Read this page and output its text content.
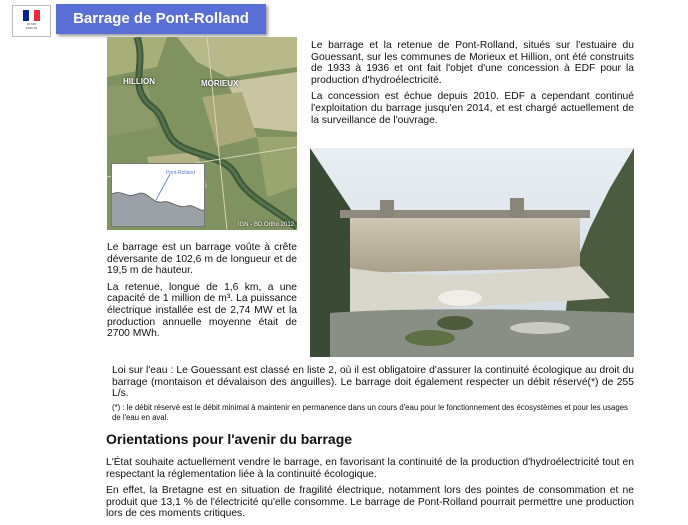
≡≡ ≡≡≡
≡≡≡≡ ≡≡
Barrage de Pont-Rolland
HILLION	MORIEUX
Pont-Rolland
IGN - BD Ortho 2012

Le barrage et la retenue de Pont-Rolland, situés sur l'estuaire du Gouessant, sur les communes de Morieux et Hillion, ont été construits de 1933 à 1936 et ont fait l'objet d'une concession à EDF pour la production d'hydroélectricité.

La concession est échue depuis 2010. EDF a cependant continué l'exploitation du barrage jusqu'en 2014, et est chargé actuellement de la surveillance de l'ouvrage.

Le barrage est un barrage voûte à crête déversante de 102,6 m de longueur et de 19,5 m de hauteur.

La retenue, longue de 1,6 km, a une capacité de 1 million de m³. La puissance électrique installée est de 2,74 MW et la production annuelle moyenne était de 2700 MWh.

Loi sur l'eau : Le Gouessant est classé en liste 2, où il est obligatoire d'assurer la continuité écologique au droit du barrage (montaison et dévalaison des anguilles). Le barrage doit également respecter un débit réservé(*) de 255 L/s.
(*) : le débit réservé est le débit minimal à maintenir en permanence dans un cours d'eau pour le fonctionnement des écosystèmes et pour les usages de l'eau en aval.
Orientations pour l'avenir du barrage

L'État souhaite actuellement vendre le barrage, en favorisant la continuité de la production d'hydroélectricité tout en respectant la réglementation liée à la continuité écologique.

En effet, la Bretagne est en situation de fragilité électrique, notamment lors des pointes de consommation et ne produit que 13,1 % de l'électricité qu'elle consomme. Le barrage de Pont-Rolland pourrait permettre une production lors de ces moments critiques.
